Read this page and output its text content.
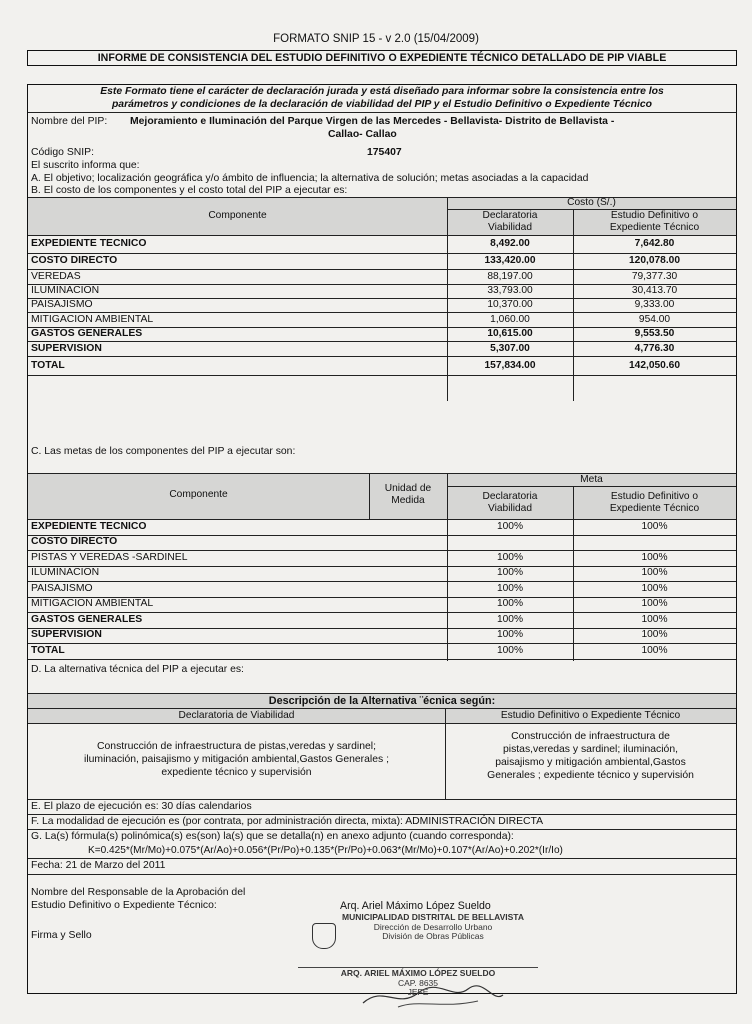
FORMATO SNIP 15 - v 2.0 (15/04/2009)
INFORME DE CONSISTENCIA DEL ESTUDIO DEFINITIVO O EXPEDIENTE TÉCNICO DETALLADO DE PIP VIABLE
Este Formato tiene el carácter de declaración jurada y está diseñado para informar sobre la consistencia entre los
parámetros y condiciones de la declaración de viabilidad del PIP y el Estudio Definitivo o Expediente Técnico
Nombre del PIP: Mejoramiento e Iluminación del Parque Virgen de las Mercedes - Bellavista- Distrito de Bellavista -
Callao- Callao
Código SNIP:	175407
El suscrito informa que:
A. El objetivo; localización geográfica y/o ámbito de influencia; la alternativa de solución; metas asociadas a la capacidad
B. El costo de los componentes y el costo total del PIP a ejecutar es:
Componente
Costo (S/.)
Declaratoria
Viabilidad
Estudio Definitivo o
Expediente Técnico
EXPEDIENTE TECNICO	8,492.00	7,642.80
COSTO DIRECTO	133,420.00	120,078.00
VEREDAS	88,197.00	79,377.30
ILUMINACION	33,793.00	30,413.70
PAISAJISMO	10,370.00	9,333.00
MITIGACION AMBIENTAL	1,060.00	954.00
GASTOS GENERALES	10,615.00	9,553.50
SUPERVISION	5,307.00	4,776.30
TOTAL	157,834.00	142,050.60
C. Las metas de los componentes del PIP a ejecutar son:
Componente
Unidad de
Medida
Meta
Declaratoria
Viabilidad
Estudio Definitivo o
Expediente Técnico
EXPEDIENTE TECNICO	100%	100%
COSTO DIRECTO
PISTAS Y VEREDAS -SARDINEL	100%	100%
ILUMINACION	100%	100%
PAISAJISMO	100%	100%
MITIGACION AMBIENTAL	100%	100%
GASTOS GENERALES	100%	100%
SUPERVISION	100%	100%
TOTAL	100%	100%
D. La alternativa técnica del PIP a ejecutar es:
Descripción de la Alternativa ¨écnica según:
Declaratoria de Viabilidad	Estudio Definitivo o Expediente Técnico
Construcción de infraestructura de pistas,veredas y sardinel;
iluminación, paisajismo y mitigación ambiental,Gastos Generales ;
expediente técnico y supervisión
Construcción de infraestructura de
pistas,veredas y sardinel; iluminación,
paisajismo y mitigación ambiental,Gastos
Generales ; expediente técnico y supervisión
E. El plazo de ejecución es: 30 días calendarios
F. La modalidad de ejecución es (por contrata, por administración directa, mixta): ADMINISTRACIÓN DIRECTA
G. La(s) fórmula(s) polinómica(s) es(son) la(s) que se detalla(n) en anexo adjunto (cuando corresponda):
K=0.425*(Mr/Mo)+0.075*(Ar/Ao)+0.056*(Pr/Po)+0.135*(Pr/Po)+0.063*(Mr/Mo)+0.107*(Ar/Ao)+0.202*(Ir/Io)
Fecha: 21 de Marzo del 2011
Nombre del Responsable de la Aprobación del
Estudio Definitivo o Expediente Técnico:	Arq. Ariel Máximo López Sueldo
Firma y Sello
MUNICIPALIDAD DISTRITAL DE BELLAVISTA
Dirección de Desarrollo Urbano
División de Obras Públicas
ARQ. ARIEL MÁXIMO LÓPEZ SUELDO
CAP. 8635
JEFE
